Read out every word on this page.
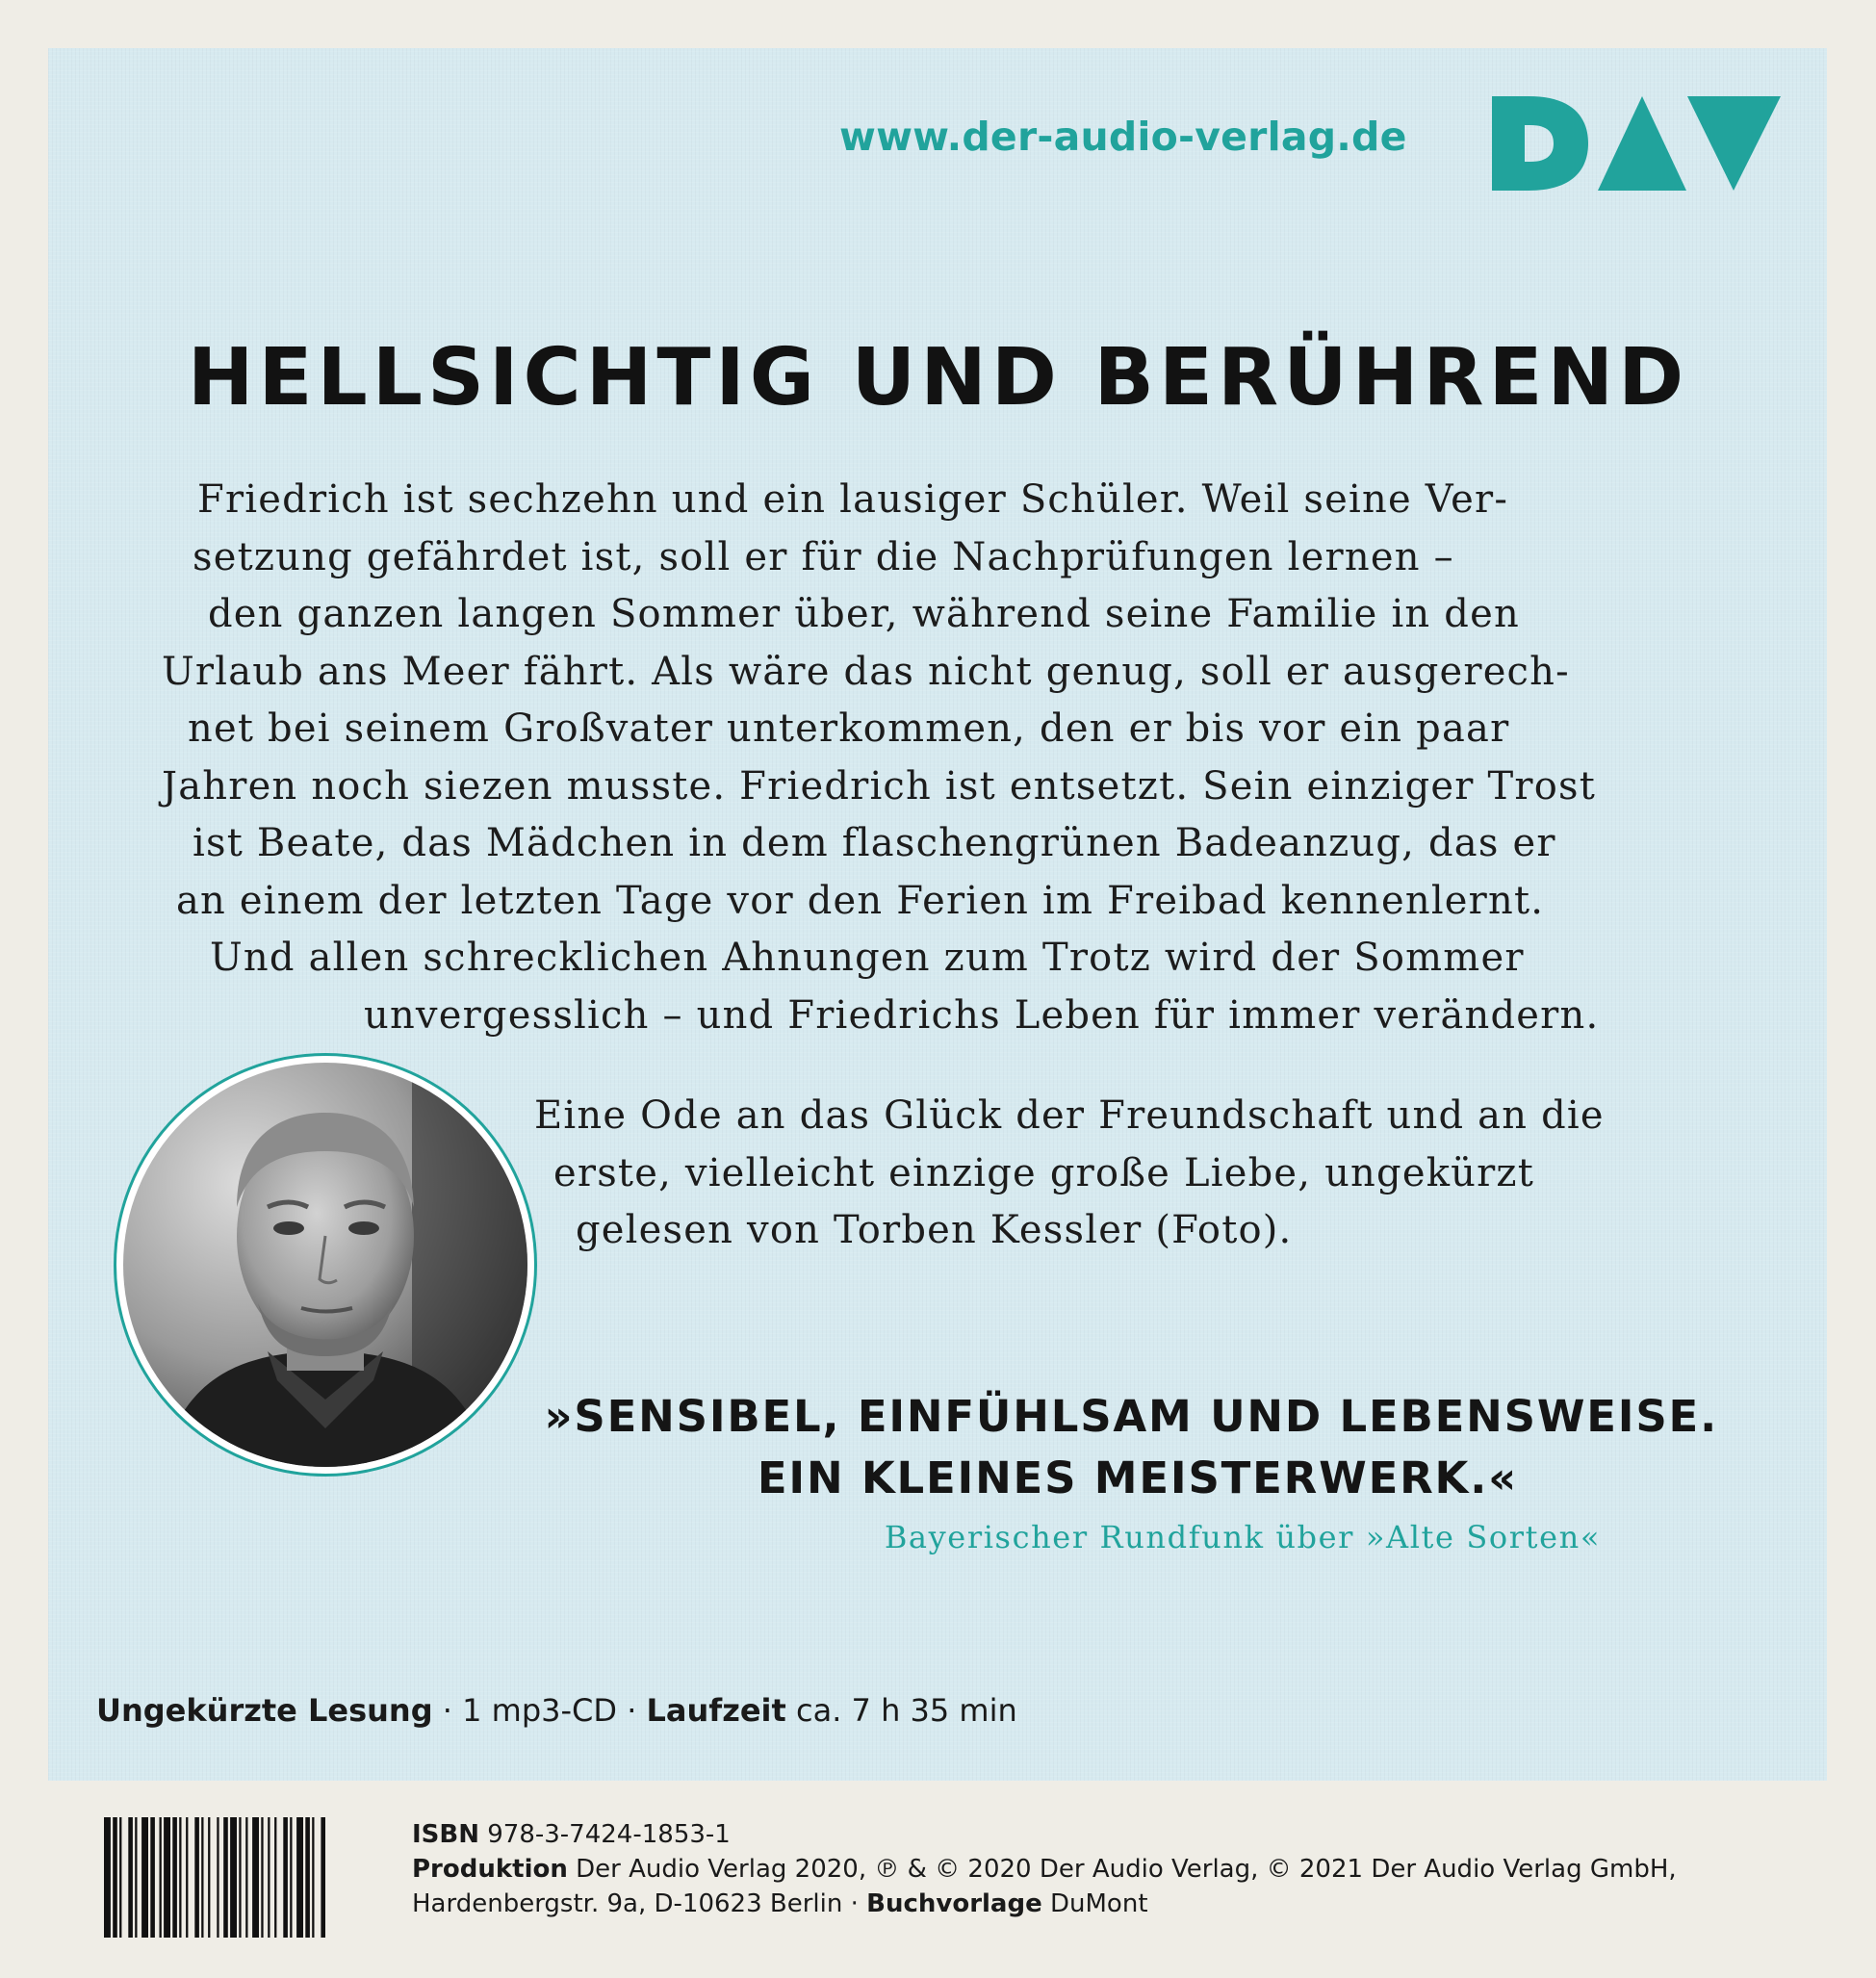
www.der-audio-verlag.de
HELLSICHTIG UND BERÜHREND
Friedrich ist sechzehn und ein lausiger Schüler. Weil seine Ver-
setzung gefährdet ist, soll er für die Nachprüfungen lernen –
den ganzen langen Sommer über, während seine Familie in den
Urlaub ans Meer fährt. Als wäre das nicht genug, soll er ausgerech-
net bei seinem Großvater unterkommen, den er bis vor ein paar
Jahren noch siezen musste. Friedrich ist entsetzt. Sein einziger Trost
ist Beate, das Mädchen in dem flaschengrünen Badeanzug, das er
an einem der letzten Tage vor den Ferien im Freibad kennenlernt.
Und allen schrecklichen Ahnungen zum Trotz wird der Sommer
unvergesslich – und Friedrichs Leben für immer verändern.
Eine Ode an das Glück der Freundschaft und an die
erste, vielleicht einzige große Liebe, ungekürzt
gelesen von Torben Kessler (Foto).
»SENSIBEL, EINFÜHLSAM UND LEBENSWEISE.
EIN KLEINES MEISTERWERK.«
Bayerischer Rundfunk über »Alte Sorten«
Ungekürzte Lesung · 1 mp3-CD · Laufzeit ca. 7 h 35 min
ISBN 978-3-7424-1853-1
Produktion Der Audio Verlag 2020, ℗ & © 2020 Der Audio Verlag, © 2021 Der Audio Verlag GmbH,
Hardenbergstr. 9a, D-10623 Berlin · Buchvorlage DuMont
